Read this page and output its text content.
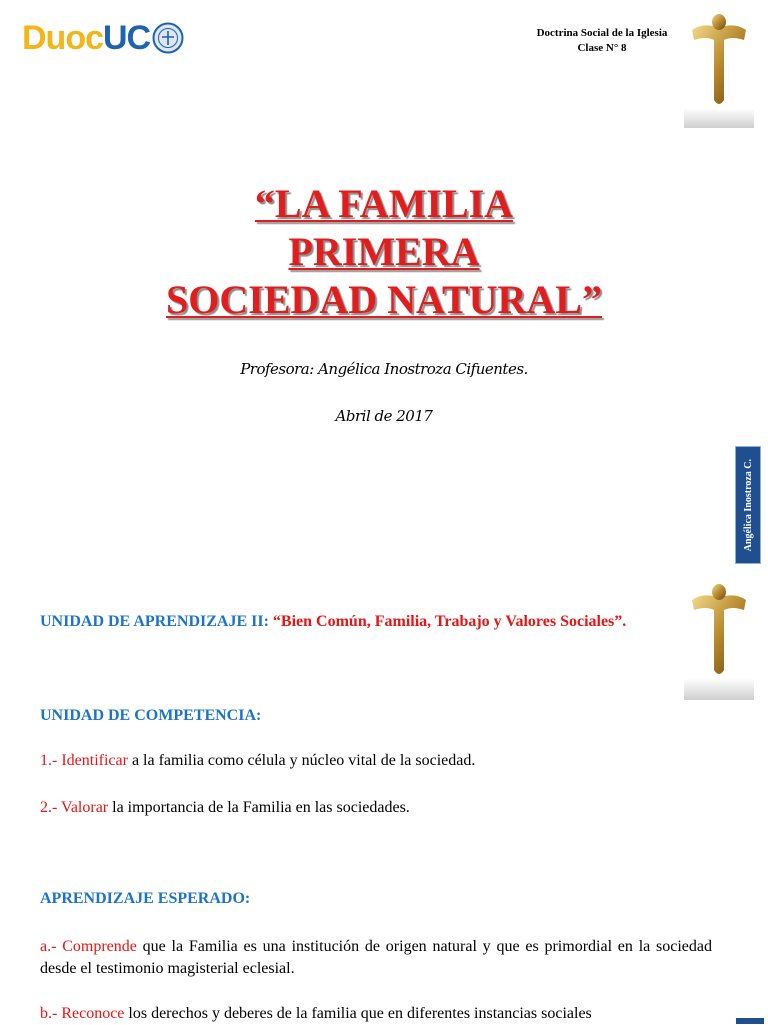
DuocUC	Doctrina Social de la Iglesia
Clase N° 8
“LA FAMILIA
PRIMERA
SOCIEDAD NATURAL”
Profesora: Angélica Inostroza Cifuentes.
Abril de 2017
Angélica Inostroza C.
UNIDAD DE APRENDIZAJE II: “Bien Común, Familia, Trabajo y Valores Sociales”.
UNIDAD DE COMPETENCIA:
1.- Identificar a la familia como célula y núcleo vital de la sociedad.
2.- Valorar la importancia de la Familia en las sociedades.
APRENDIZAJE ESPERADO:
a.- Comprende que la Familia es una institución de origen natural y que es primordial en la sociedad desde el testimonio magisterial eclesial.
b.- Reconoce los derechos y deberes de la familia que en diferentes instancias sociales
